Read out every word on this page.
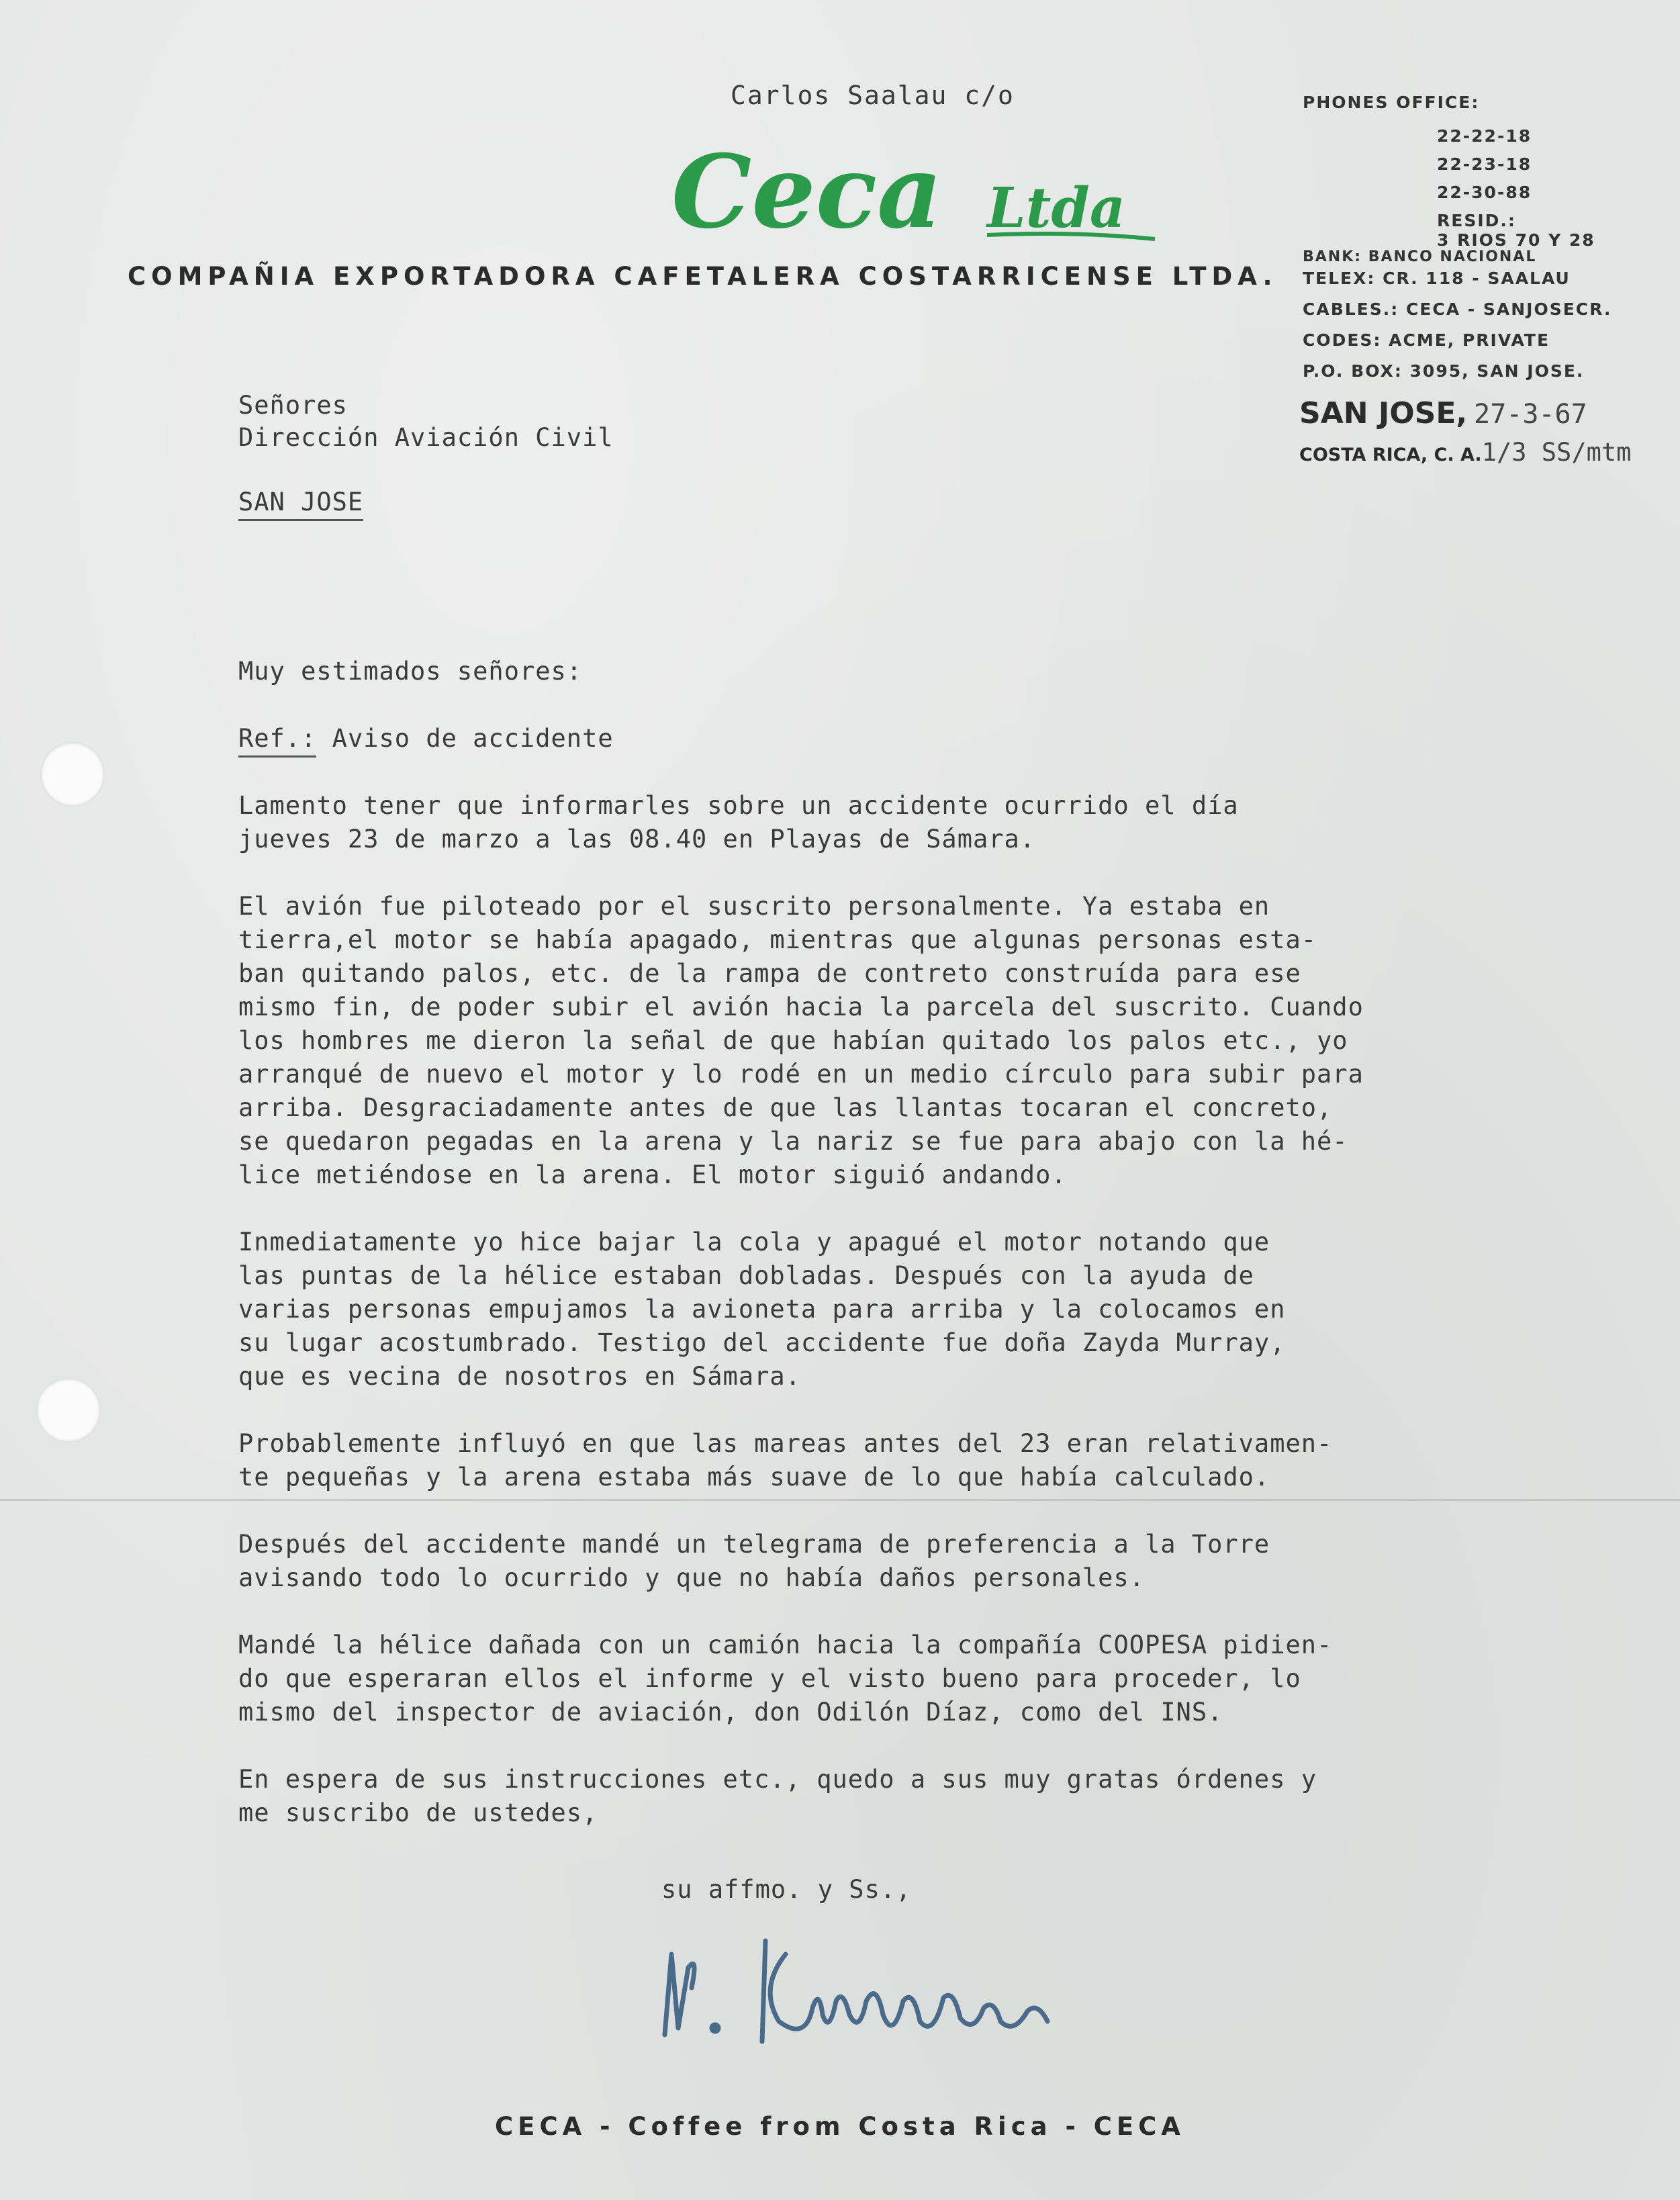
Carlos Saalau c/o
Ceca Ltda
COMPAÑIA EXPORTADORA CAFETALERA COSTARRICENSE LTDA.
PHONES OFFICE:
22-22-18
22-23-18
22-30-88
RESID.:
3 RIOS 70 Y 28
BANK: BANCO NACIONAL
TELEX: CR. 118 - SAALAU
CABLES.: CECA - SANJOSECR.
CODES: ACME, PRIVATE
P.O. BOX: 3095, SAN JOSE.
SAN JOSE, 27-3-67
COSTA RICA, C. A.1/3 SS/mtm
Señores
Dirección Aviación Civil
SAN JOSE

Muy estimados señores:

Ref.: Aviso de accidente

Lamento tener que informarles sobre un accidente ocurrido el día
jueves 23 de marzo a las 08.40 en Playas de Sámara.

El avión fue piloteado por el suscrito personalmente. Ya estaba en
tierra,el motor se había apagado, mientras que algunas personas esta-
ban quitando palos, etc. de la rampa de contreto construída para ese
mismo fin, de poder subir el avión hacia la parcela del suscrito. Cuando
los hombres me dieron la señal de que habían quitado los palos etc., yo
arranqué de nuevo el motor y lo rodé en un medio círculo para subir para
arriba. Desgraciadamente antes de que las llantas tocaran el concreto,
se quedaron pegadas en la arena y la nariz se fue para abajo con la hé-
lice metiéndose en la arena. El motor siguió andando.

Inmediatamente yo hice bajar la cola y apagué el motor notando que
las puntas de la hélice estaban dobladas. Después con la ayuda de
varias personas empujamos la avioneta para arriba y la colocamos en
su lugar acostumbrado. Testigo del accidente fue doña Zayda Murray,
que es vecina de nosotros en Sámara.

Probablemente influyó en que las mareas antes del 23 eran relativamen-
te pequeñas y la arena estaba más suave de lo que había calculado.

Después del accidente mandé un telegrama de preferencia a la Torre
avisando todo lo ocurrido y que no había daños personales.

Mandé la hélice dañada con un camión hacia la compañía COOPESA pidien-
do que esperaran ellos el informe y el visto bueno para proceder, lo
mismo del inspector de aviación, don Odilón Díaz, como del INS.

En espera de sus instrucciones etc., quedo a sus muy gratas órdenes y
me suscribo de ustedes,

su affmo. y Ss.,
CECA - Coffee from Costa Rica - CECA
